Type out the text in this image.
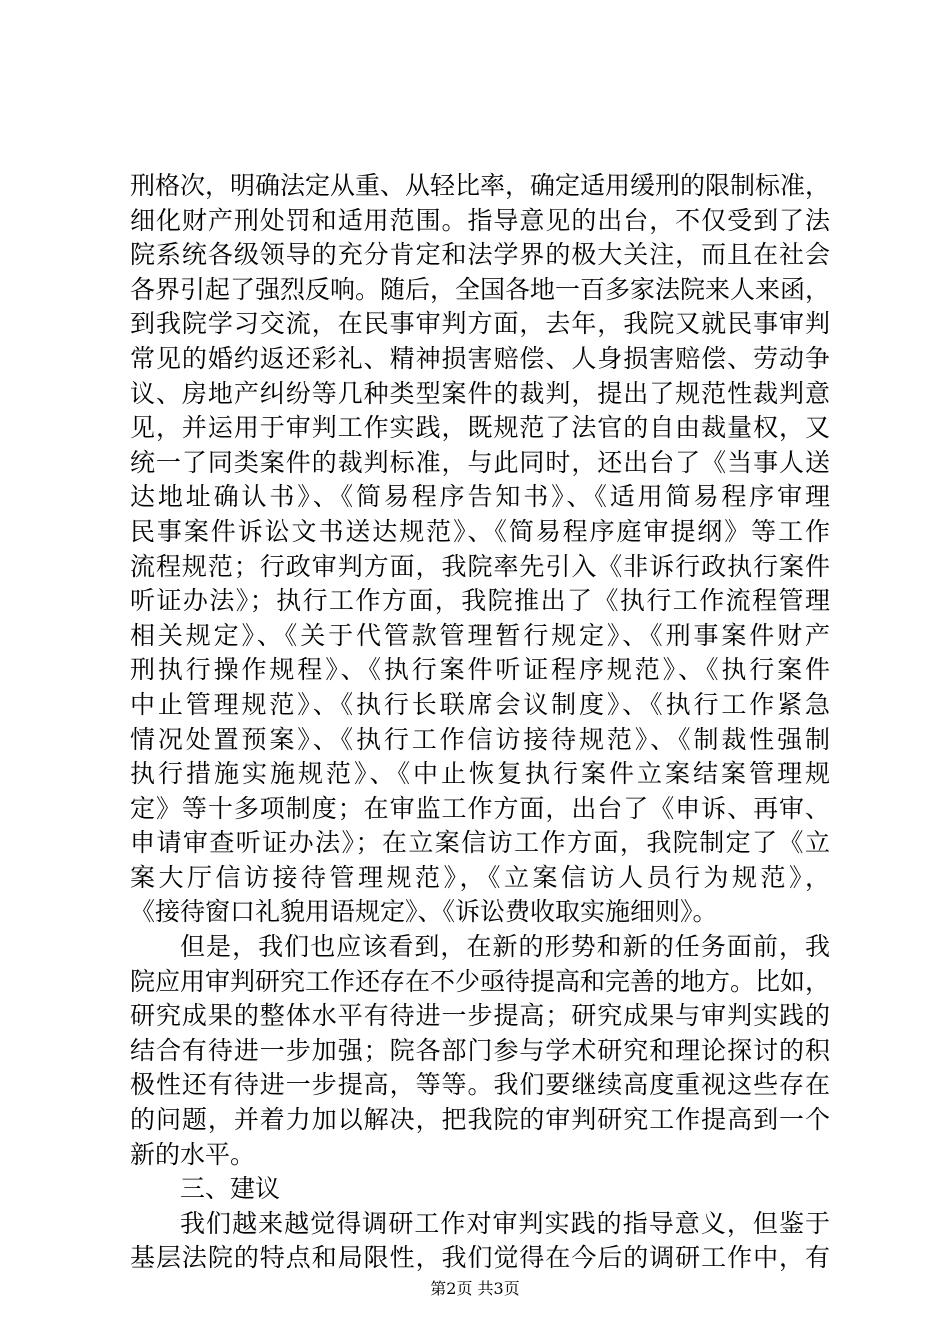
刑格次，明确法定从重、从轻比率，确定适用缓刑的限制标准，
细化财产刑处罚和适用范围。指导意见的出台，不仅受到了法
院系统各级领导的充分肯定和法学界的极大关注，而且在社会
各界引起了强烈反响。随后，全国各地一百多家法院来人来函，
到我院学习交流，在民事审判方面，去年，我院又就民事审判
常见的婚约返还彩礼、精神损害赔偿、人身损害赔偿、劳动争
议、房地产纠纷等几种类型案件的裁判，提出了规范性裁判意
见，并运用于审判工作实践，既规范了法官的自由裁量权，又
统一了同类案件的裁判标准，与此同时，还出台了《当事人送
达地址确认书》、《简易程序告知书》、《适用简易程序审理
民事案件诉讼文书送达规范》、《简易程序庭审提纲》等工作
流程规范；行政审判方面，我院率先引入《非诉行政执行案件
听证办法》；执行工作方面，我院推出了《执行工作流程管理
相关规定》、《关于代管款管理暂行规定》、《刑事案件财产
刑执行操作规程》、《执行案件听证程序规范》、《执行案件
中止管理规范》、《执行长联席会议制度》、《执行工作紧急
情况处置预案》、《执行工作信访接待规范》、《制裁性强制
执行措施实施规范》、《中止恢复执行案件立案结案管理规
定》等十多项制度；在审监工作方面，出台了《申诉、再审、
申请审查听证办法》；在立案信访工作方面，我院制定了《立
案大厅信访接待管理规范》，《立案信访人员行为规范》，
《接待窗口礼貌用语规定》、《诉讼费收取实施细则》。
但是，我们也应该看到，在新的形势和新的任务面前，我
院应用审判研究工作还存在不少亟待提高和完善的地方。比如，
研究成果的整体水平有待进一步提高；研究成果与审判实践的
结合有待进一步加强；院各部门参与学术研究和理论探讨的积
极性还有待进一步提高，等等。我们要继续高度重视这些存在
的问题，并着力加以解决，把我院的审判研究工作提高到一个
新的水平。
三、建议
我们越来越觉得调研工作对审判实践的指导意义，但鉴于
基层法院的特点和局限性，我们觉得在今后的调研工作中，有
第2页 共3页
